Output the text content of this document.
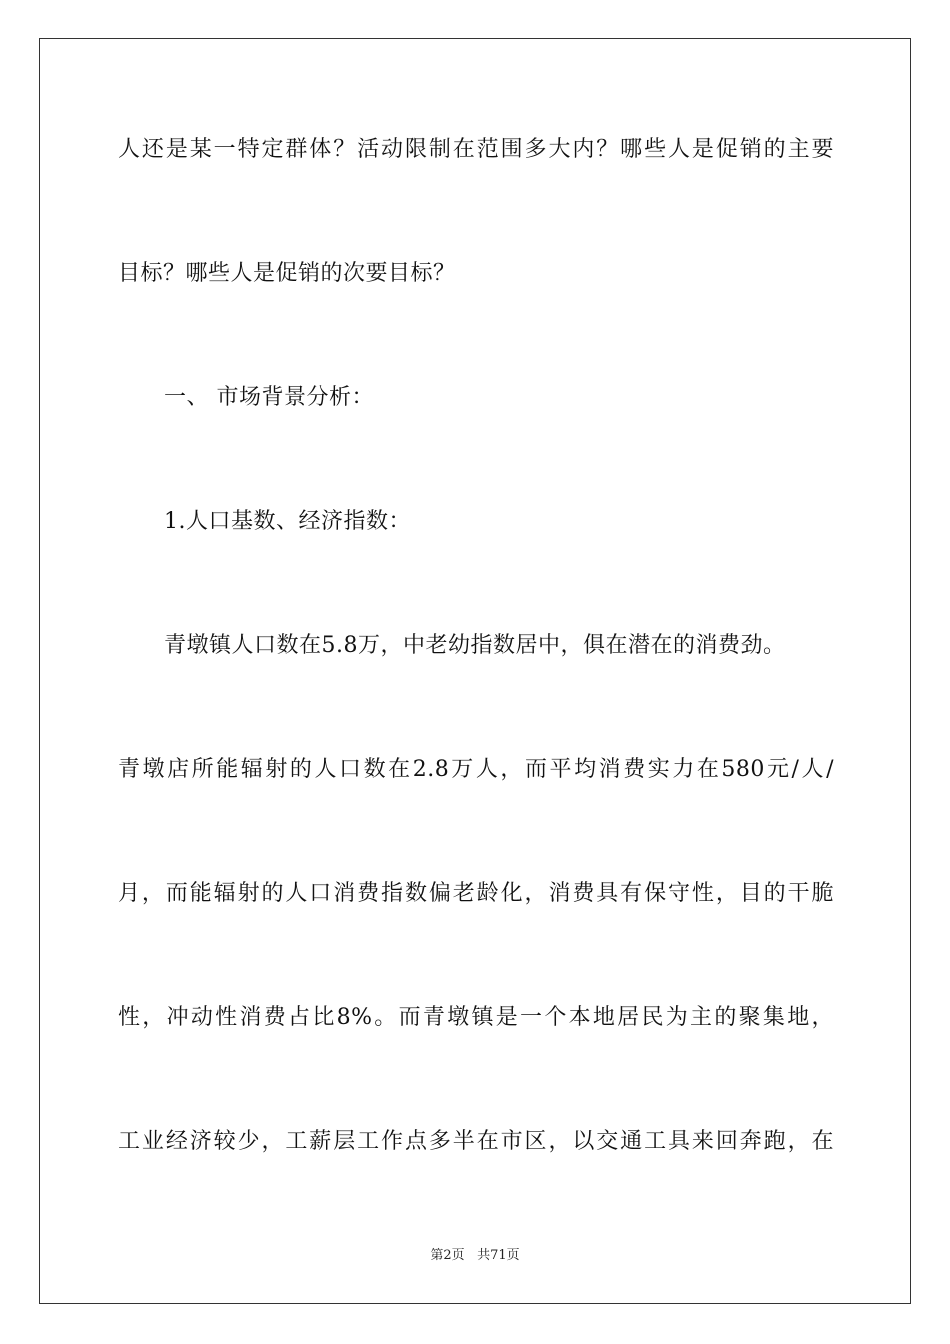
人还是某一特定群体？活动限制在范围多大内？哪些人是促销的主要
目标？哪些人是促销的次要目标？
一、 市场背景分析：
1.人口基数、经济指数：
青墩镇人口数在5.8万，中老幼指数居中，俱在潜在的消费劲。
青墩店所能辐射的人口数在2.8万人，而平均消费实力在580元/人/
月，而能辐射的人口消费指数偏老龄化，消费具有保守性，目的干脆
性，冲动性消费占比8%。而青墩镇是一个本地居民为主的聚集地，
工业经济较少，工薪层工作点多半在市区，以交通工具来回奔跑，在
第2页 共71页
